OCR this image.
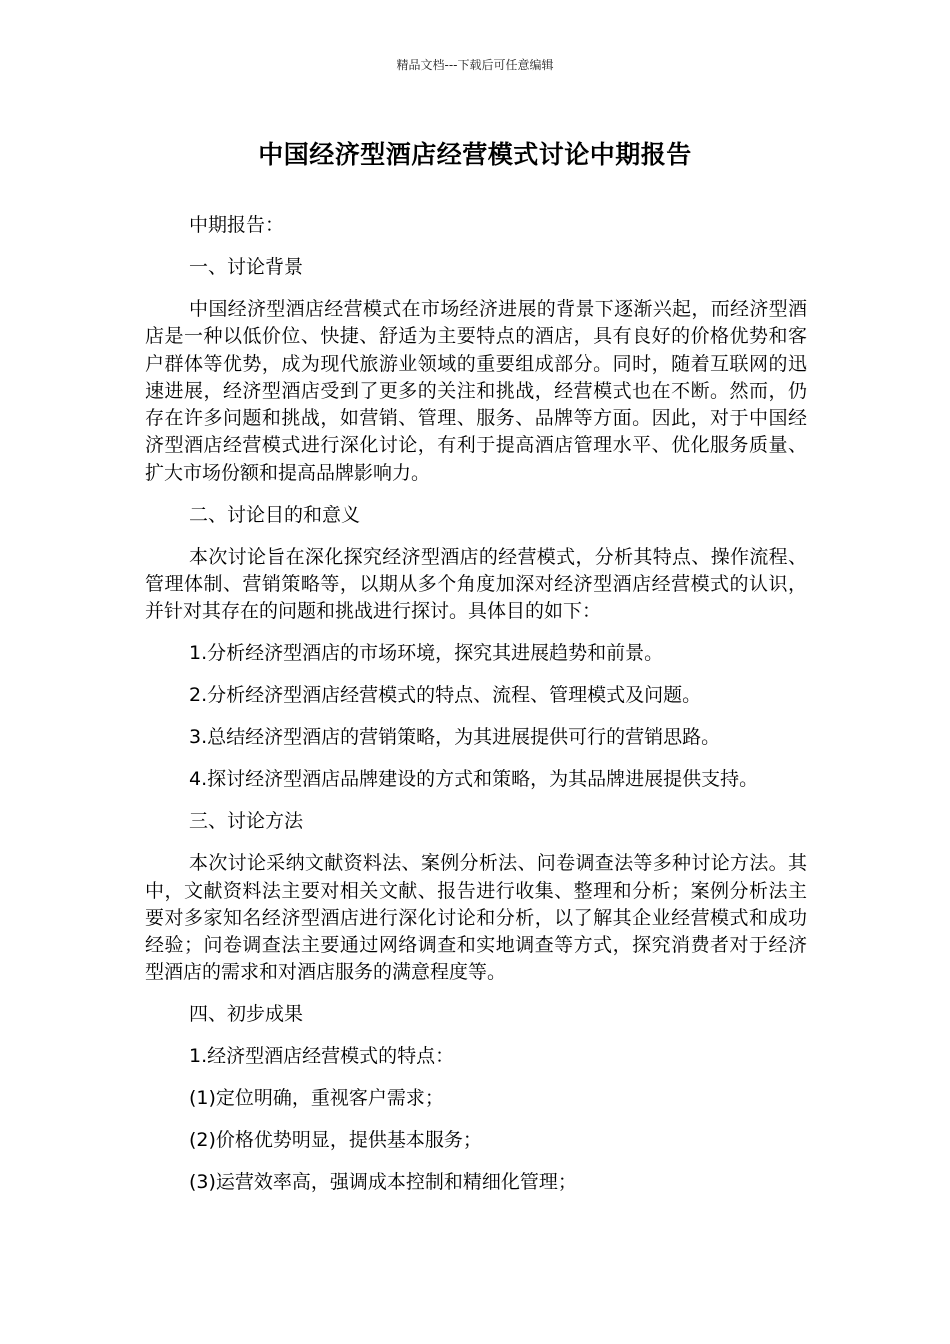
精品文档---下载后可任意编辑
中国经济型酒店经营模式讨论中期报告

中期报告：

一、讨论背景

中国经济型酒店经营模式在市场经济进展的背景下逐渐兴起，而经济型酒店是一种以低价位、快捷、舒适为主要特点的酒店，具有良好的价格优势和客户群体等优势，成为现代旅游业领域的重要组成部分。同时，随着互联网的迅速进展，经济型酒店受到了更多的关注和挑战，经营模式也在不断。然而，仍存在许多问题和挑战，如营销、管理、服务、品牌等方面。因此，对于中国经济型酒店经营模式进行深化讨论，有利于提高酒店管理水平、优化服务质量、扩大市场份额和提高品牌影响力。

二、讨论目的和意义

本次讨论旨在深化探究经济型酒店的经营模式，分析其特点、操作流程、管理体制、营销策略等，以期从多个角度加深对经济型酒店经营模式的认识，并针对其存在的问题和挑战进行探讨。具体目的如下：

1.分析经济型酒店的市场环境，探究其进展趋势和前景。

2.分析经济型酒店经营模式的特点、流程、管理模式及问题。

3.总结经济型酒店的营销策略，为其进展提供可行的营销思路。

4.探讨经济型酒店品牌建设的方式和策略，为其品牌进展提供支持。

三、讨论方法

本次讨论采纳文献资料法、案例分析法、问卷调查法等多种讨论方法。其中，文献资料法主要对相关文献、报告进行收集、整理和分析；案例分析法主要对多家知名经济型酒店进行深化讨论和分析，以了解其企业经营模式和成功经验；问卷调查法主要通过网络调查和实地调查等方式，探究消费者对于经济型酒店的需求和对酒店服务的满意程度等。

四、初步成果

1.经济型酒店经营模式的特点：

(1)定位明确，重视客户需求；

(2)价格优势明显，提供基本服务；

(3)运营效率高，强调成本控制和精细化管理；
